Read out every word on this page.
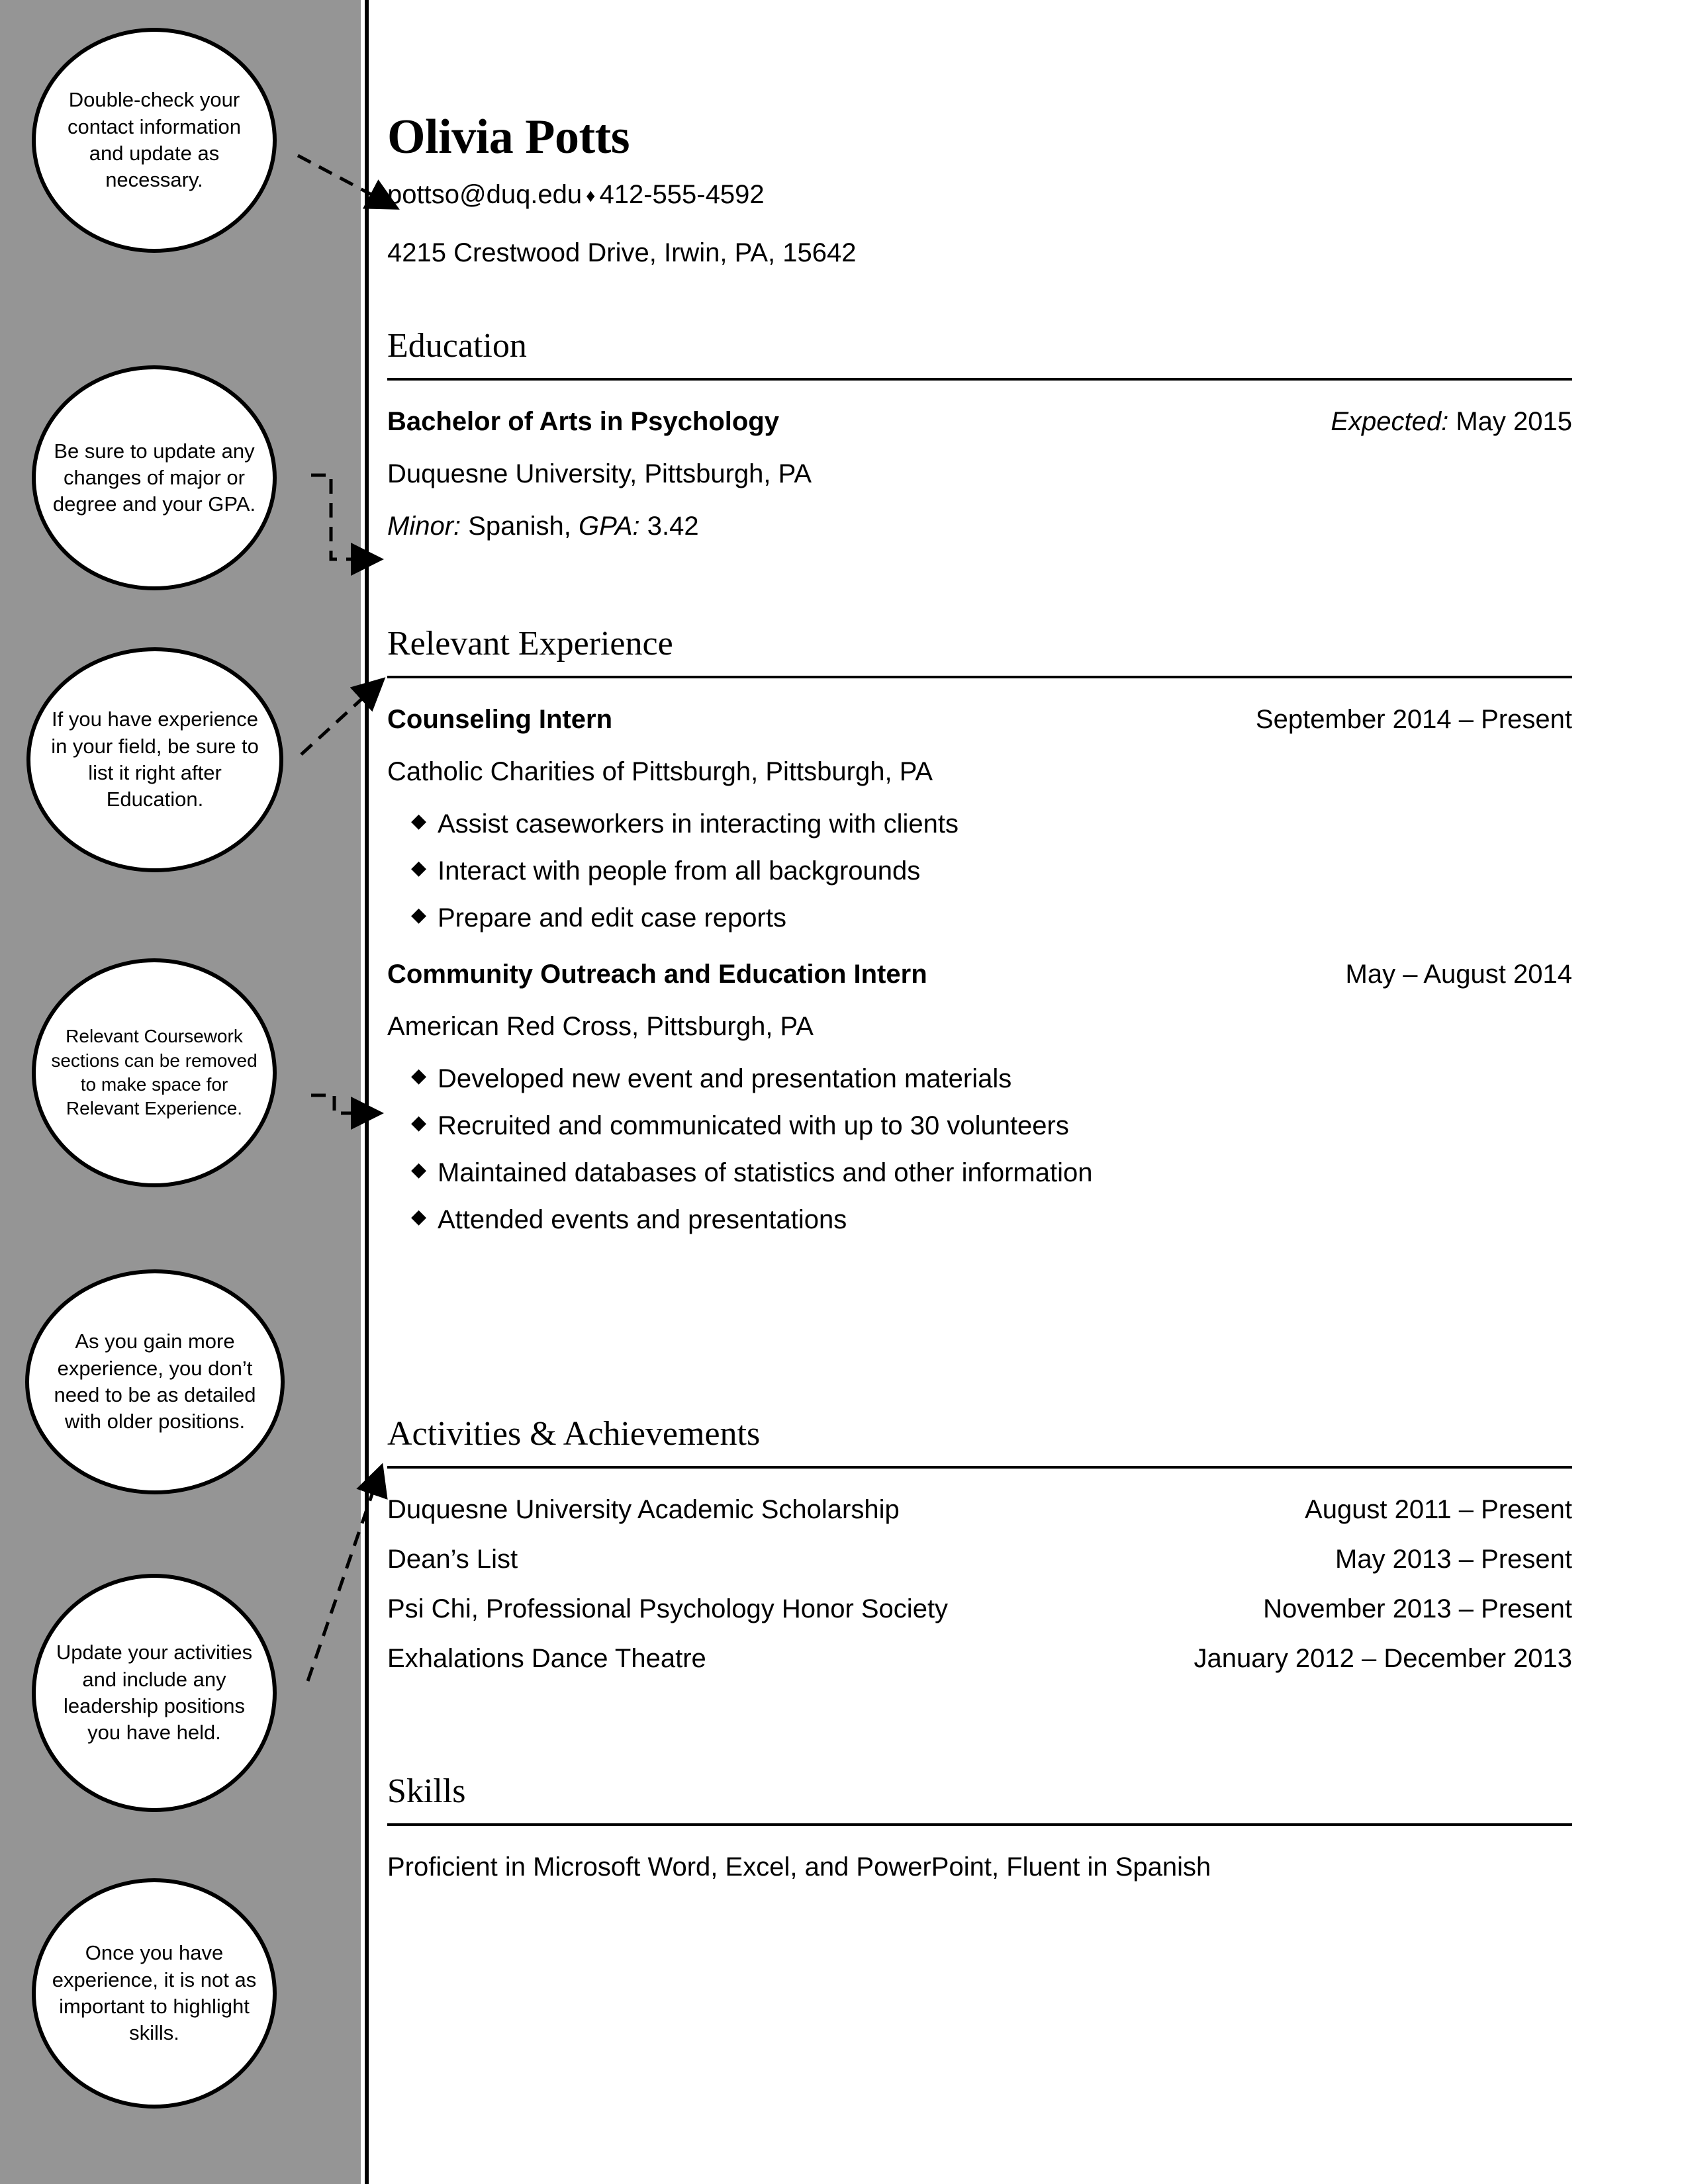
Double-check your contact information and update as necessary.
Be sure to update any changes of major or degree and your GPA.
If you have experience in your field, be sure to list it right after Education.
Relevant Coursework sections can be removed to make space for Relevant Experience.
As you gain more experience, you don’t need to be as detailed with older positions.
Update your activities and include any leadership positions you have held.
Once you have experience, it is not as important to highlight skills.
Olivia Potts
pottso@duq.edu ♦ 412-555-4592
4215 Crestwood Drive, Irwin, PA, 15642
Education
Bachelor of Arts in Psychology	Expected: May 2015
Duquesne University, Pittsburgh, PA
Minor: Spanish, GPA: 3.42
Relevant Experience
Counseling Intern	September 2014 – Present
Catholic Charities of Pittsburgh, Pittsburgh, PA
◆ Assist caseworkers in interacting with clients
◆ Interact with people from all backgrounds
◆ Prepare and edit case reports
Community Outreach and Education Intern	May – August 2014
American Red Cross, Pittsburgh, PA
◆ Developed new event and presentation materials
◆ Recruited and communicated with up to 30 volunteers
◆ Maintained databases of statistics and other information
◆ Attended events and presentations
Activities & Achievements
Duquesne University Academic Scholarship	August 2011 – Present
Dean’s List	May 2013 – Present
Psi Chi, Professional Psychology Honor Society	November 2013 – Present
Exhalations Dance Theatre	January 2012 – December 2013
Skills
Proficient in Microsoft Word, Excel, and PowerPoint, Fluent in Spanish
